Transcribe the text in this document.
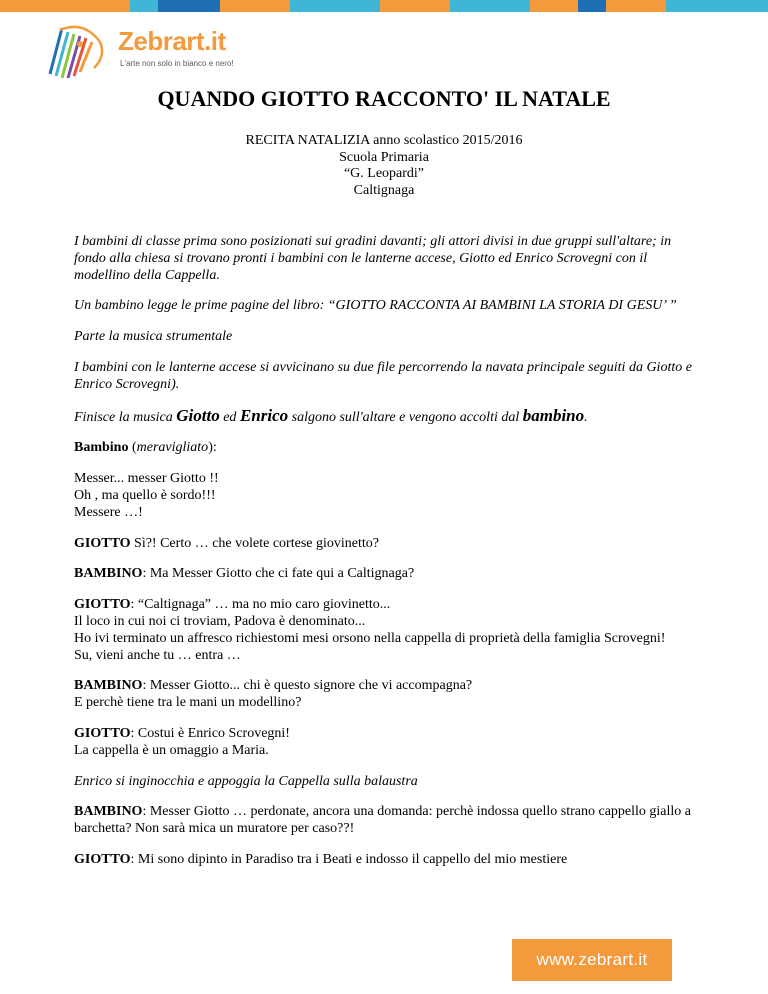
Zebrart.it
L'arte non solo in bianco e nero!
QUANDO GIOTTO RACCONTO' IL NATALE
RECITA NATALIZIA anno scolastico 2015/2016
Scuola Primaria
“G. Leopardi”
Caltignaga

I bambini di classe prima sono posizionati sui gradini davanti; gli attori divisi in due gruppi sull'altare; in fondo alla chiesa si trovano pronti i bambini con le lanterne accese, Giotto ed Enrico Scrovegni con il modellino della Cappella.

Un bambino legge le prime pagine del libro: “GIOTTO RACCONTA AI BAMBINI LA STORIA DI GESU’ ”

Parte la musica strumentale

I bambini con le lanterne accese si avvicinano su due file percorrendo la navata principale seguiti da Giotto e Enrico Scrovegni).

Finisce la musica Giotto ed Enrico salgono sull'altare e vengono accolti dal bambino.

Bambino (meravigliato):

Messer... messer Giotto !!
Oh , ma quello è sordo!!!
Messere …!

GIOTTO Sì?! Certo … che volete cortese giovinetto?

BAMBINO: Ma Messer Giotto che ci fate qui a Caltignaga?

GIOTTO: “Caltignaga” … ma no mio caro giovinetto...
Il loco in cui noi ci troviam, Padova è denominato...
Ho ivi terminato un affresco richiestomi mesi orsono nella cappella di proprietà della famiglia Scrovegni!
Su, vieni anche tu … entra …

BAMBINO: Messer Giotto... chi è questo signore che vi accompagna?
E perchè tiene tra le mani un modellino?

GIOTTO: Costui è Enrico Scrovegni!
La cappella è un omaggio a Maria.

Enrico si inginocchia e appoggia la Cappella sulla balaustra

BAMBINO: Messer Giotto … perdonate, ancora una domanda: perchè indossa quello strano cappello giallo a barchetta? Non sarà mica un muratore per caso??!

GIOTTO: Mi sono dipinto in Paradiso tra i Beati e indosso il cappello del mio mestiere

www.zebrart.it
